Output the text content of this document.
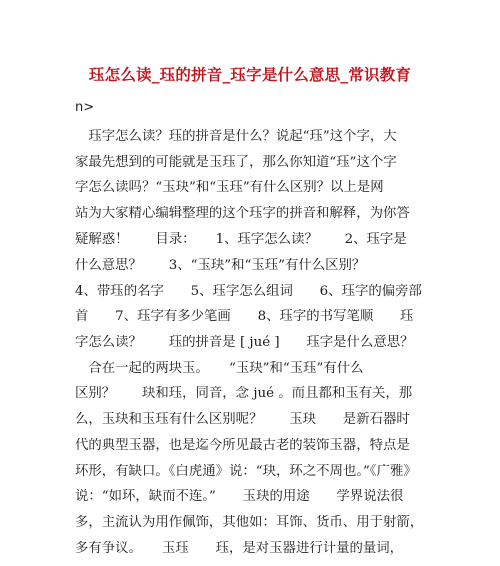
珏怎么读_珏的拼音_珏字是什么意思_常识教育
n>
　珏字怎么读？珏的拼音是什么？说起“珏”这个字，大
家最先想到的可能就是玉珏了，那么你知道“珏”这个字
字怎么读吗？“玉玦”和“玉珏”有什么区别？以上是网
站为大家精心编辑整理的这个珏字的拼音和解释，为你答
疑解惑！　　目录：　　1、珏字怎么读？　　2、珏字是
什么意思？　　3、“玉玦”和“玉珏”有什么区别？
4、带珏的名字　　5、珏字怎么组词　　6、珏字的偏旁部
首　　7、珏字有多少笔画　　8、珏字的书写笔顺　　珏
字怎么读？　　珏的拼音是 [ jué ]　　珏字是什么意思？
　合在一起的两块玉。　　“玉玦”和“玉珏”有什么
区别？　　玦和珏，同音，念 jué 。而且都和玉有关，那
么，玉玦和玉珏有什么区别呢？　　玉玦　　是新石器时
代的典型玉器，也是迄今所见最古老的装饰玉器，特点是
环形，有缺口。《白虎通》说：“玦，环之不周也。”《广雅》
说：“如环，缺而不连。”　　玉玦的用途　　学界说法很
多，主流认为用作佩饰，其他如：耳饰、货币、用于射箭，
多有争议。　　玉珏　　珏，是对玉器进行计量的量词，
